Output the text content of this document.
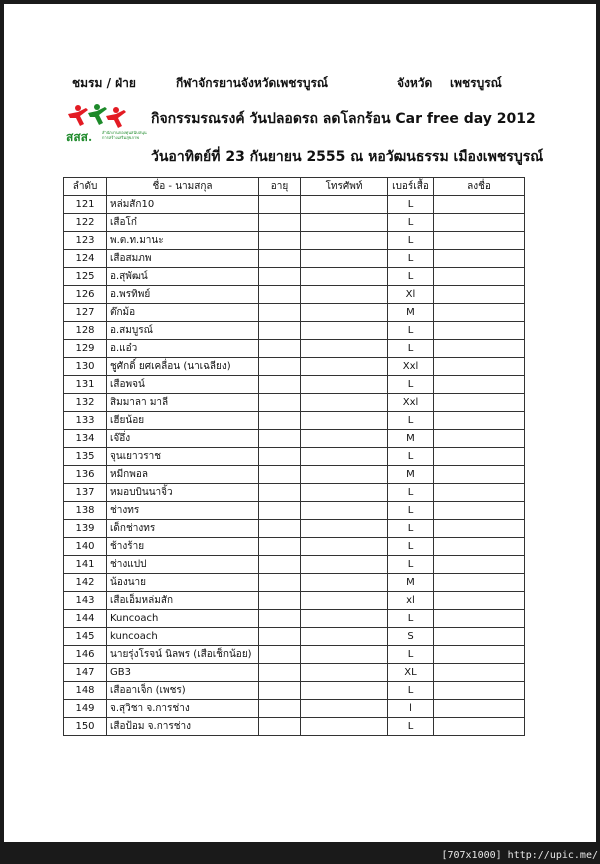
ชมรม / ฝ่าย	กีฬาจักรยานจังหวัดเพชรบูรณ์	จังหวัด เพชรบูรณ์
สสส. สำนักงานกองทุนสนับสนุนการสร้างเสริมสุขภาพ
กิจกรรมรณรงค์ วันปลอดรถ ลดโลกร้อน Car free day 2012
วันอาทิตย์ที่ 23 กันยายน 2555 ณ หอวัฒนธรรม เมืองเพชรบูรณ์
ลำดับ	ชื่อ - นามสกุล	อายุ	โทรศัพท์	เบอร์เสื้อ	ลงชื่อ
121	หล่มสัก10			L	
122	เสือโก๋			L	
123	พ.ต.ท.มานะ			L	
124	เสือสมภพ			L	
125	อ.สุพัฒน์			L	
126	อ.พรทิพย์			Xl	
127	ต๊กม้อ			M	
128	อ.สมบูรณ์			L	
129	อ.แอ๋ว			L	
130	ชูศักดิ์ ยศเคลื่อน (นาเฉลียง)			Xxl	
131	เสือพจน์			L	
132	สิมมาลา มาลี			Xxl	
133	เฮียน้อย			L	
134	เจ๊อึ่ง			M	
135	จุนเยาวราช			L	
136	หมีกพอล			M	
137	หมอบบินนาจิ้ว			L	
138	ช่างทร			L	
139	เด็กช่างทร			L	
140	ช้างร้าย			L	
141	ช่างแปป			L	
142	น้องนาย			M	
143	เสือเอ็มหล่มสัก			xl	
144	Kuncoach			L	
145	kuncoach			S	
146	นายรุ่งโรจน์ นิลพร (เสือเช็กน้อย)			L	
147	GB3			XL	
148	เสืออาเจ็ก (เพชร)			L	
149	จ.สุวิชา จ.การช่าง			l	
150	เสือป้อม จ.การช่าง			L	
[707x1000] http://upic.me/
